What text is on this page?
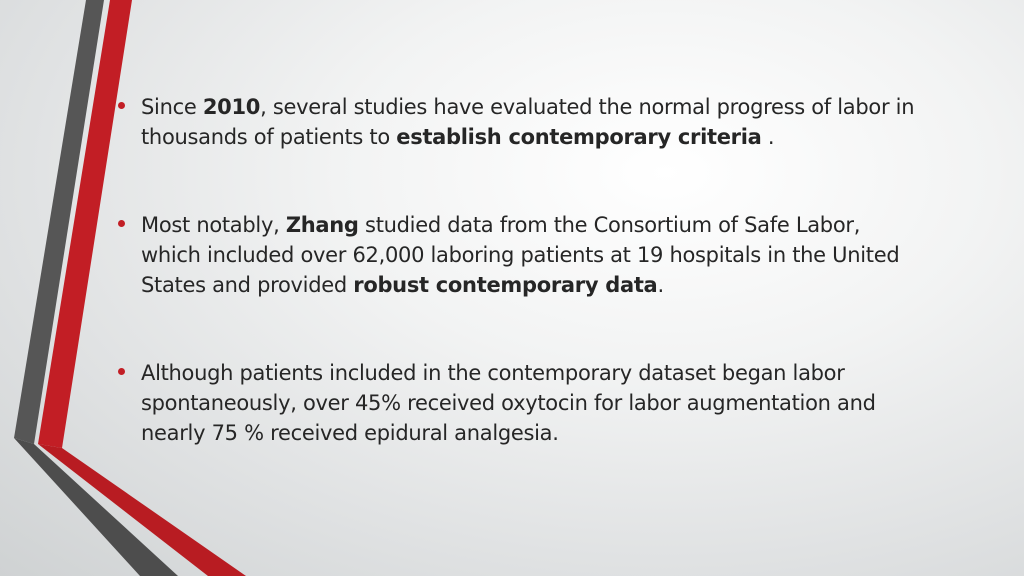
Since 2010, several studies have evaluated the normal progress of labor in thousands of patients to establish contemporary criteria .
Most notably, Zhang studied data from the Consortium of Safe Labor, which included over 62,000 laboring patients at 19 hospitals in the United States and provided robust contemporary data.
Although patients included in the contemporary dataset began labor spontaneously, over 45% received oxytocin for labor augmentation and nearly 75 % received epidural analgesia.
